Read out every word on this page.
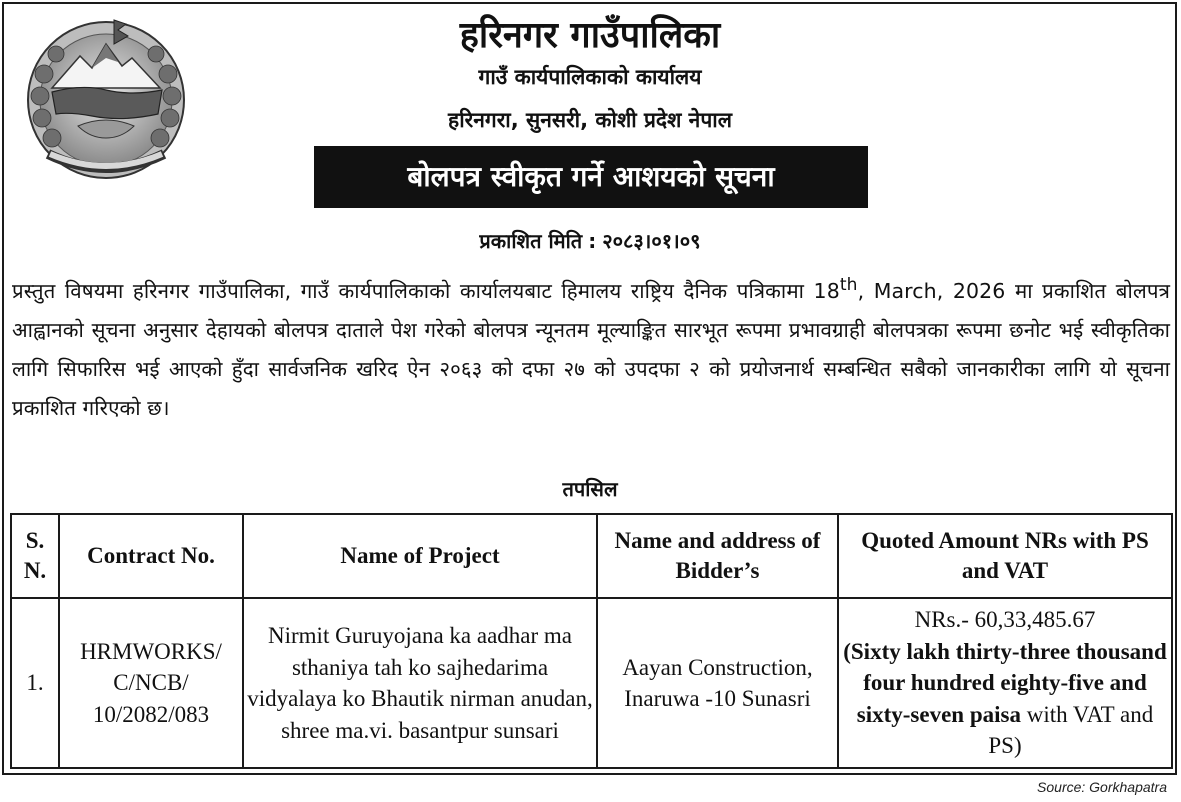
हरिनगर गाउँपालिका
गाउँ कार्यपालिकाको कार्यालय
हरिनगरा, सुनसरी, कोशी प्रदेश नेपाल
बोलपत्र स्वीकृत गर्ने आशयको सूचना
प्रकाशित मिति : २०८३।०१।०९
प्रस्तुत विषयमा हरिनगर गाउँपालिका, गाउँ कार्यपालिकाको कार्यालयबाट हिमालय राष्ट्रिय दैनिक पत्रिकामा 18th, March, 2026 मा प्रकाशित बोलपत्र आह्वानको सूचना अनुसार देहायको बोलपत्र दाताले पेश गरेको बोलपत्र न्यूनतम मूल्याङ्कित सारभूत रूपमा प्रभावग्राही बोलपत्रका रूपमा छनोट भई स्वीकृतिका लागि सिफारिस भई आएको हुँदा सार्वजनिक खरिद ऐन २०६३ को दफा २७ को उपदफा २ को प्रयोजनार्थ सम्बन्धित सबैको जानकारीका लागि यो सूचना प्रकाशित गरिएको छ।
तपसिल
S. N.	Contract No.	Name of Project	Name and address of Bidder’s	Quoted Amount NRs with PS and VAT
1.	HRMWORKS/ C/NCB/ 10/2082/083	Nirmit Guruyojana ka aadhar ma sthaniya tah ko sajhedarima vidyalaya ko Bhautik nirman anudan, shree ma.vi. basantpur sunsari	Aayan Construction, Inaruwa -10 Sunasri	NRs.- 60,33,485.67
(Sixty lakh thirty-three thousand four hundred eighty-five and sixty-seven paisa with VAT and PS)
Source: Gorkhapatra
